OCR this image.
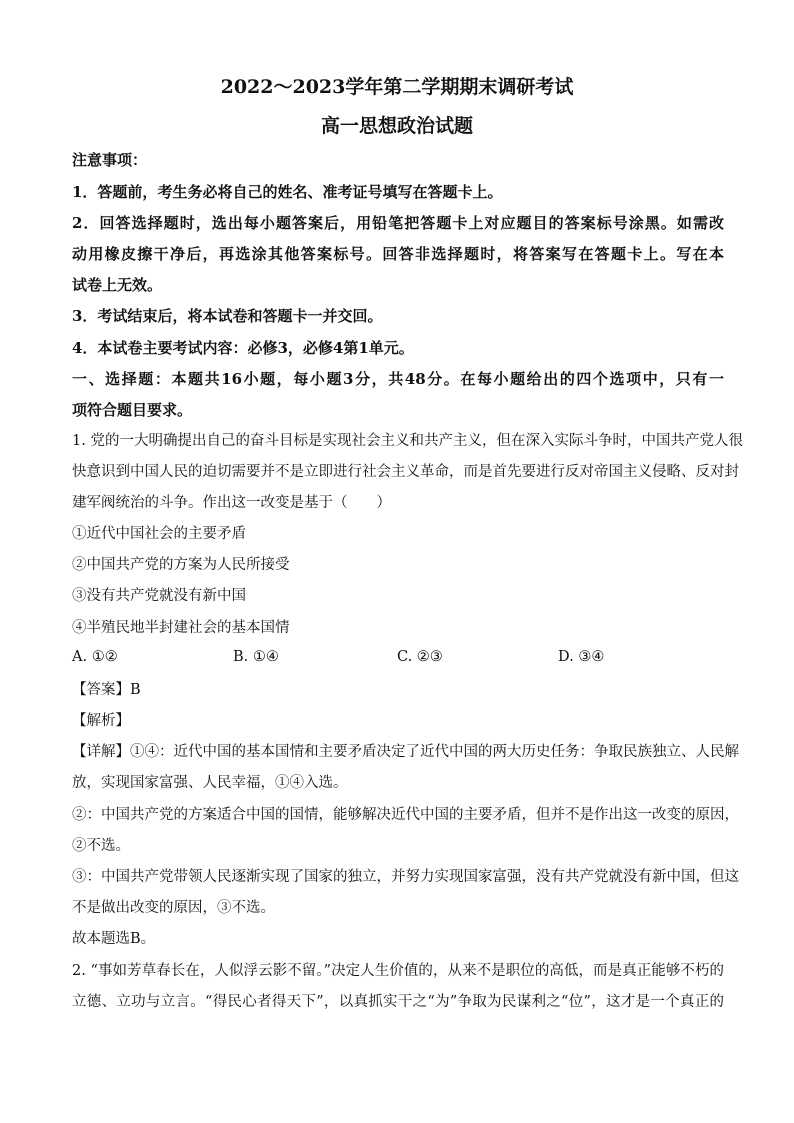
2022～2023学年第二学期期末调研考试
高一思想政治试题
注意事项：
1．答题前，考生务必将自己的姓名、准考证号填写在答题卡上。
2．回答选择题时，选出每小题答案后，用铅笔把答题卡上对应题目的答案标号涂黑。如需改
动用橡皮擦干净后，再选涂其他答案标号。回答非选择题时，将答案写在答题卡上。写在本
试卷上无效。
3．考试结束后，将本试卷和答题卡一并交回。
4．本试卷主要考试内容：必修3，必修4第1单元。
一、选择题：本题共16小题，每小题3分，共48分。在每小题给出的四个选项中，只有一
项符合题目要求。
1. 党的一大明确提出自己的奋斗目标是实现社会主义和共产主义，但在深入实际斗争时，中国共产党人很
快意识到中国人民的迫切需要并不是立即进行社会主义革命，而是首先要进行反对帝国主义侵略、反对封
建军阀统治的斗争。作出这一改变是基于（　　）
①近代中国社会的主要矛盾
②中国共产党的方案为人民所接受
③没有共产党就没有新中国
④半殖民地半封建社会的基本国情
A. ①②	B. ①④	C. ②③	D. ③④
【答案】B
【解析】
【详解】①④：近代中国的基本国情和主要矛盾决定了近代中国的两大历史任务：争取民族独立、人民解
放，实现国家富强、人民幸福，①④入选。
②：中国共产党的方案适合中国的国情，能够解决近代中国的主要矛盾，但并不是作出这一改变的原因，
②不选。
③：中国共产党带领人民逐渐实现了国家的独立，并努力实现国家富强，没有共产党就没有新中国，但这
不是做出改变的原因，③不选。
故本题选B。
2. “事如芳草春长在，人似浮云影不留。”决定人生价值的，从来不是职位的高低，而是真正能够不朽的
立德、立功与立言。“得民心者得天下”，以真抓实干之“为”争取为民谋利之“位”，这才是一个真正的
